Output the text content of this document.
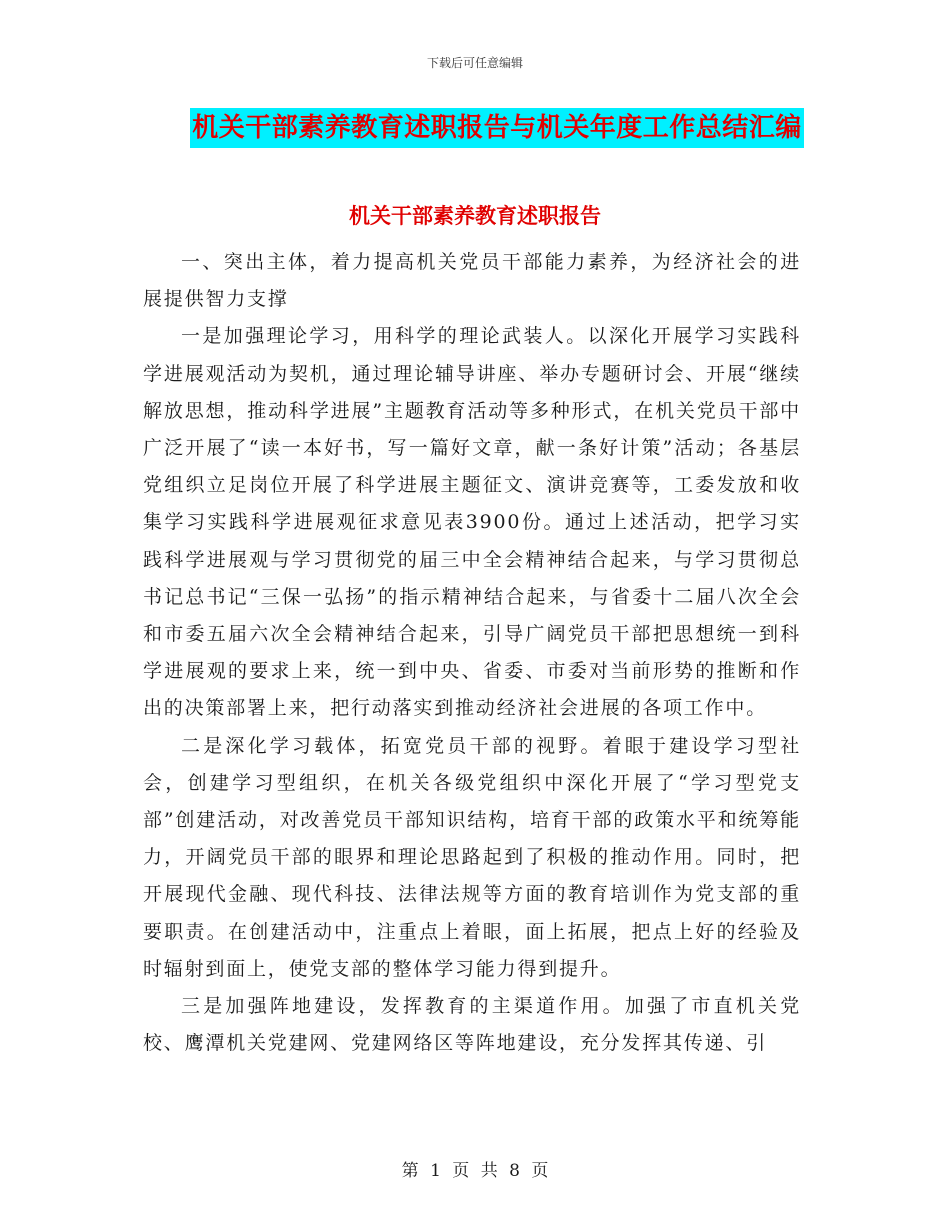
下载后可任意编辑
机关干部素养教育述职报告与机关年度工作总结汇编
机关干部素养教育述职报告

一、突出主体，着力提高机关党员干部能力素养，为经济社会的进展提供智力支撑

一是加强理论学习，用科学的理论武装人。以深化开展学习实践科学进展观活动为契机，通过理论辅导讲座、举办专题研讨会、开展“继续解放思想，推动科学进展”主题教育活动等多种形式，在机关党员干部中广泛开展了“读一本好书，写一篇好文章，献一条好计策”活动；各基层党组织立足岗位开展了科学进展主题征文、演讲竞赛等，工委发放和收集学习实践科学进展观征求意见表3900份。通过上述活动，把学习实践科学进展观与学习贯彻党的届三中全会精神结合起来，与学习贯彻总书记总书记“三保一弘扬”的指示精神结合起来，与省委十二届八次全会和市委五届六次全会精神结合起来，引导广阔党员干部把思想统一到科学进展观的要求上来，统一到中央、省委、市委对当前形势的推断和作出的决策部署上来，把行动落实到推动经济社会进展的各项工作中。

二是深化学习载体，拓宽党员干部的视野。着眼于建设学习型社会，创建学习型组织，在机关各级党组织中深化开展了“学习型党支部”创建活动，对改善党员干部知识结构，培育干部的政策水平和统筹能力，开阔党员干部的眼界和理论思路起到了积极的推动作用。同时，把开展现代金融、现代科技、法律法规等方面的教育培训作为党支部的重要职责。在创建活动中，注重点上着眼，面上拓展，把点上好的经验及时辐射到面上，使党支部的整体学习能力得到提升。

三是加强阵地建设，发挥教育的主渠道作用。加强了市直机关党校、鹰潭机关党建网、党建网络区等阵地建设，充分发挥其传递、引

第 1 页 共 8 页
